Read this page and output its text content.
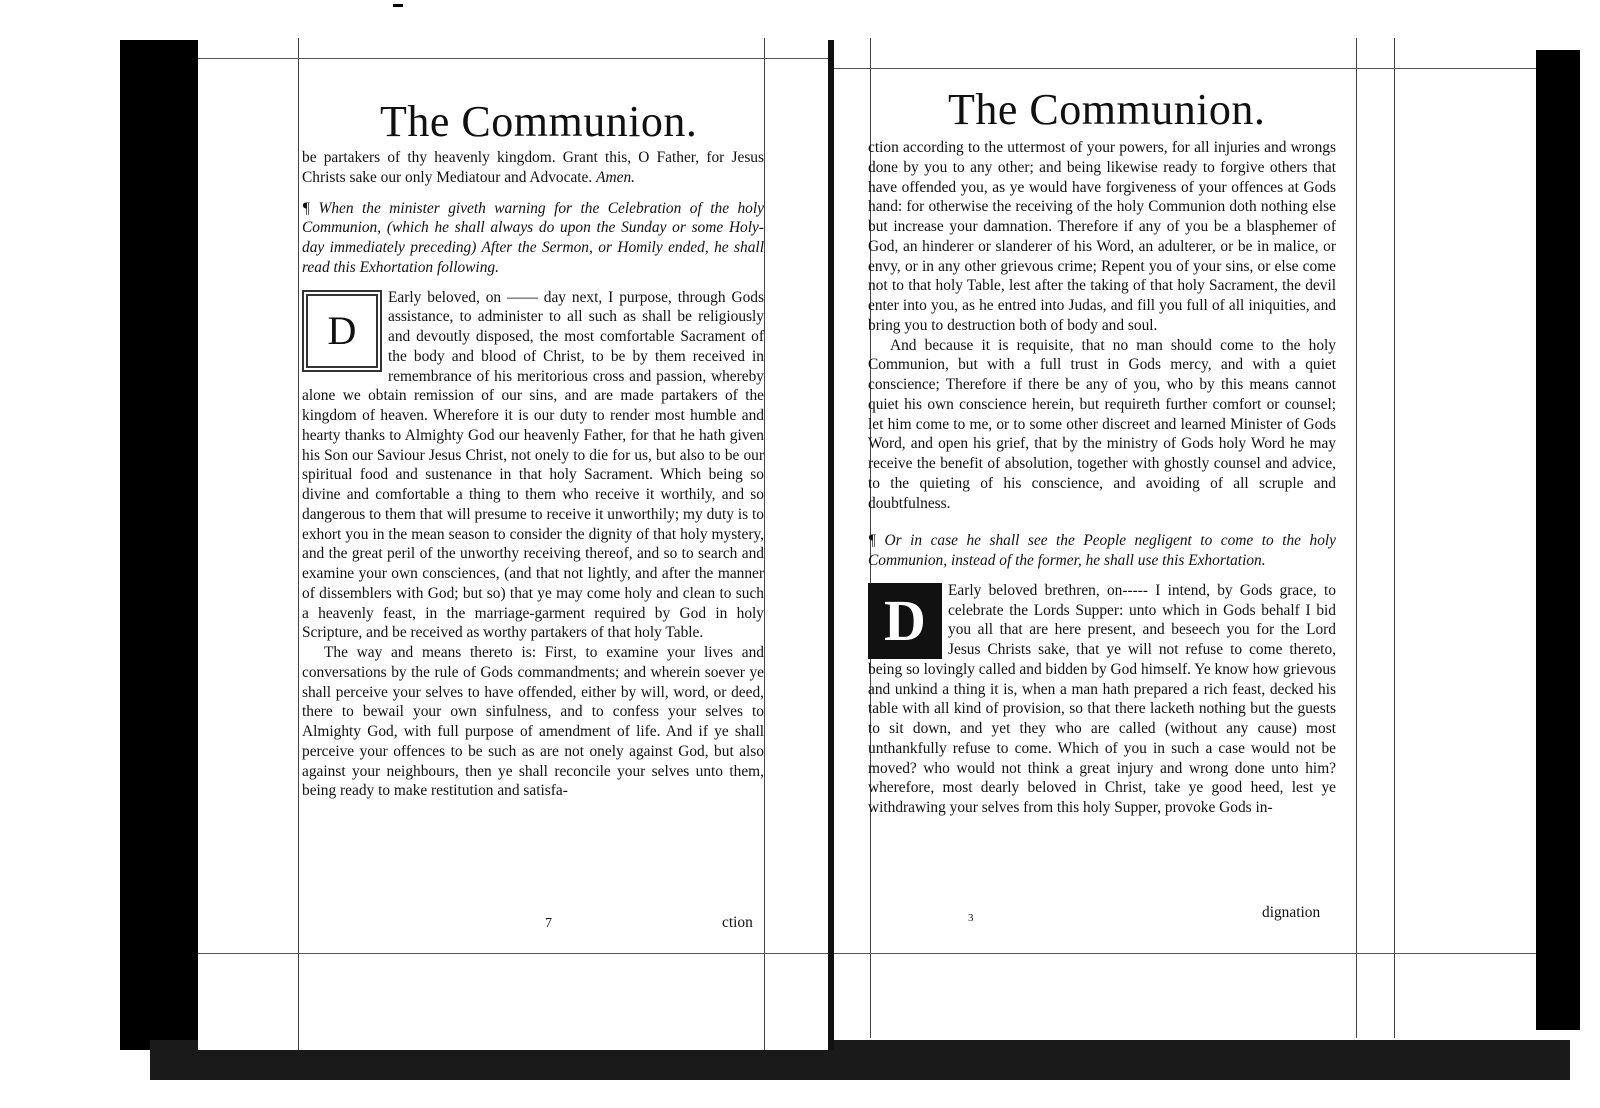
The Communion.

be partakers of thy heavenly kingdom. Grant this, O Father, for Jesus Christs sake our only Mediatour and Advocate. Amen.

¶ When the minister giveth warning for the Celebration of the holy Communion, (which he shall always do upon the Sunday or some Holy-day immediately preceding) After the Sermon, or Homily ended, he shall read this Exhortation following.

D
Early beloved, on —— day next, I purpose, through Gods assistance, to administer to all such as shall be religiously and devoutly disposed, the most comfortable Sacrament of the body and blood of Christ, to be by them received in remembrance of his meritorious cross and passion, whereby alone we obtain remission of our sins, and are made partakers of the kingdom of heaven. Wherefore it is our duty to render most humble and hearty thanks to Almighty God our heavenly Father, for that he hath given his Son our Saviour Jesus Christ, not onely to die for us, but also to be our spiritual food and sustenance in that holy Sacrament. Which being so divine and comfortable a thing to them who receive it worthily, and so dangerous to them that will presume to receive it unworthily; my duty is to exhort you in the mean season to consider the dignity of that holy mystery, and the great peril of the unworthy receiving thereof, and so to search and examine your own consciences, (and that not lightly, and after the manner of dissemblers with God; but so) that ye may come holy and clean to such a heavenly feast, in the marriage-garment required by God in holy Scripture, and be received as worthy partakers of that holy Table.

The way and means thereto is: First, to examine your lives and conversations by the rule of Gods commandments; and wherein soever ye shall perceive your selves to have offended, either by will, word, or deed, there to bewail your own sinfulness, and to confess your selves to Almighty God, with full purpose of amendment of life. And if ye shall perceive your offences to be such as are not onely against God, but also against your neighbours, then ye shall reconcile your selves unto them, being ready to make restitution and satisfa-

7	ction
The Communion.

ction according to the uttermost of your powers, for all injuries and wrongs done by you to any other; and being likewise ready to forgive others that have offended you, as ye would have forgiveness of your offences at Gods hand: for otherwise the receiving of the holy Communion doth nothing else but increase your damnation. Therefore if any of you be a blasphemer of God, an hinderer or slanderer of his Word, an adulterer, or be in malice, or envy, or in any other grievous crime; Repent you of your sins, or else come not to that holy Table, lest after the taking of that holy Sacrament, the devil enter into you, as he entred into Judas, and fill you full of all iniquities, and bring you to destruction both of body and soul.

And because it is requisite, that no man should come to the holy Communion, but with a full trust in Gods mercy, and with a quiet conscience; Therefore if there be any of you, who by this means cannot quiet his own conscience herein, but requireth further comfort or counsel; let him come to me, or to some other discreet and learned Minister of Gods Word, and open his grief, that by the ministry of Gods holy Word he may receive the benefit of absolution, together with ghostly counsel and advice, to the quieting of his conscience, and avoiding of all scruple and doubtfulness.

¶ Or in case he shall see the People negligent to come to the holy Communion, instead of the former, he shall use this Exhortation.

D	Early beloved brethren, on----- I intend, by Gods grace, to celebrate the Lords Supper: unto which in Gods behalf I bid you all that are here present, and beseech you for the Lord Jesus Christs sake, that ye will not refuse to come thereto, being so lovingly called and bidden by God himself. Ye know how grievous and unkind a thing it is, when a man hath prepared a rich feast, decked his table with all kind of provision, so that there lacketh nothing but the guests to sit down, and yet they who are called (without any cause) most unthankfully refuse to come. Which of you in such a case would not be moved? who would not think a great injury and wrong done unto him? wherefore, most dearly beloved in Christ, take ye good heed, lest ye withdrawing your selves from this holy Supper, provoke Gods in-

3	dignation
